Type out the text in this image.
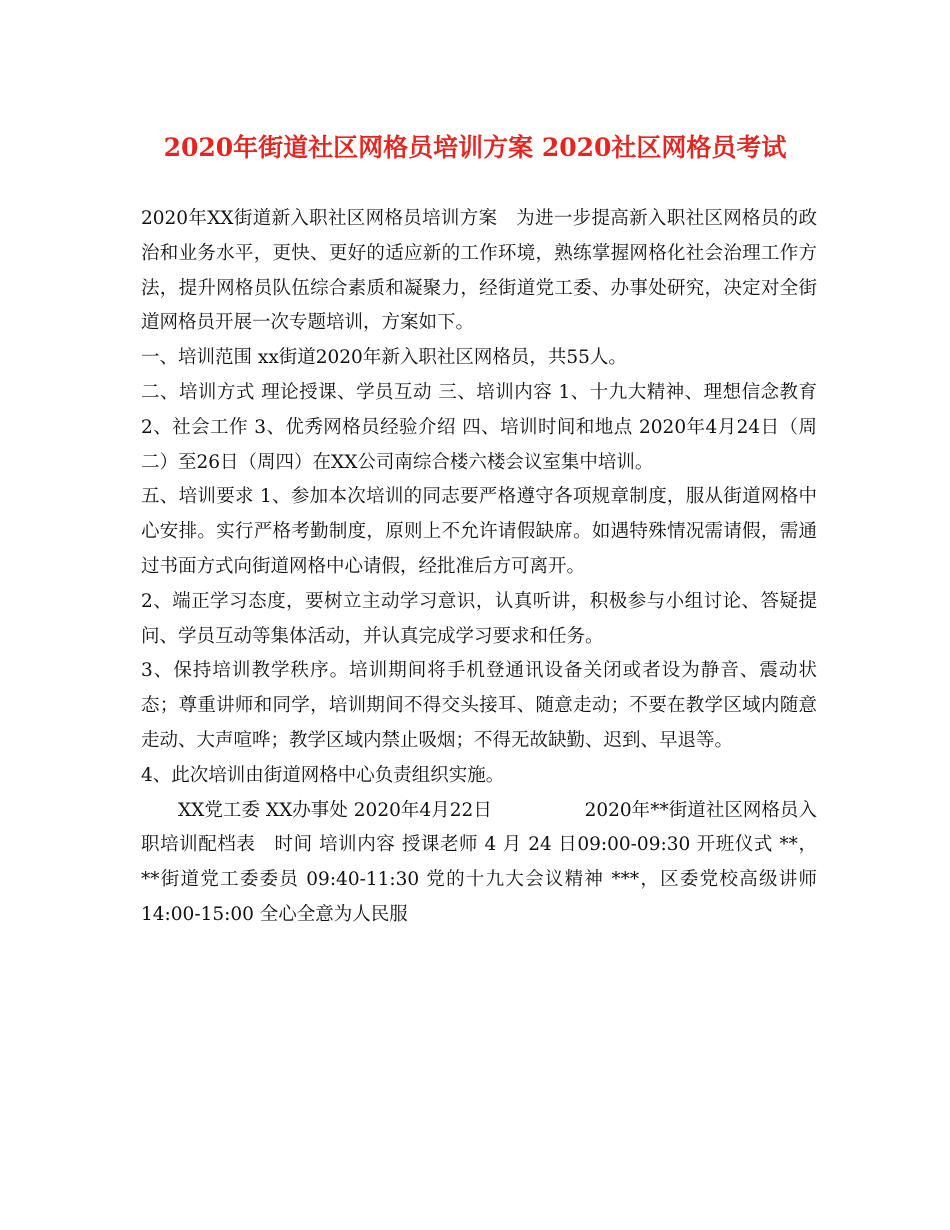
2020年街道社区网格员培训方案 2020社区网格员考试

2020年XX街道新入职社区网格员培训方案　为进一步提高新入职社区网格员的政治和业务水平，更快、更好的适应新的工作环境，熟练掌握网格化社会治理工作方法，提升网格员队伍综合素质和凝聚力，经街道党工委、办事处研究，决定对全街道网格员开展一次专题培训，方案如下。

一、培训范围 xx街道2020年新入职社区网格员，共55人。

二、培训方式 理论授课、学员互动 三、培训内容 1、十九大精神、理想信念教育 2、社会工作 3、优秀网格员经验介绍 四、培训时间和地点 2020年4月24日（周二）至26日（周四）在XX公司南综合楼六楼会议室集中培训。

五、培训要求 1、参加本次培训的同志要严格遵守各项规章制度，服从街道网格中心安排。实行严格考勤制度，原则上不允许请假缺席。如遇特殊情况需请假，需通过书面方式向街道网格中心请假，经批准后方可离开。

2、端正学习态度，要树立主动学习意识，认真听讲，积极参与小组讨论、答疑提问、学员互动等集体活动，并认真完成学习要求和任务。

3、保持培训教学秩序。培训期间将手机登通讯设备关闭或者设为静音、震动状态；尊重讲师和同学，培训期间不得交头接耳、随意走动；不要在教学区域内随意走动、大声喧哗；教学区域内禁止吸烟；不得无故缺勤、迟到、早退等。

4、此次培训由街道网格中心负责组织实施。

XX党工委 XX办事处 2020年4月22日　　　　　2020年**街道社区网格员入职培训配档表　时间 培训内容 授课老师 4 月 24 日09:00-09:30 开班仪式 **，**街道党工委委员 09:40-11:30 党的十九大会议精神 ***，区委党校高级讲师 14:00-15:00 全心全意为人民服
